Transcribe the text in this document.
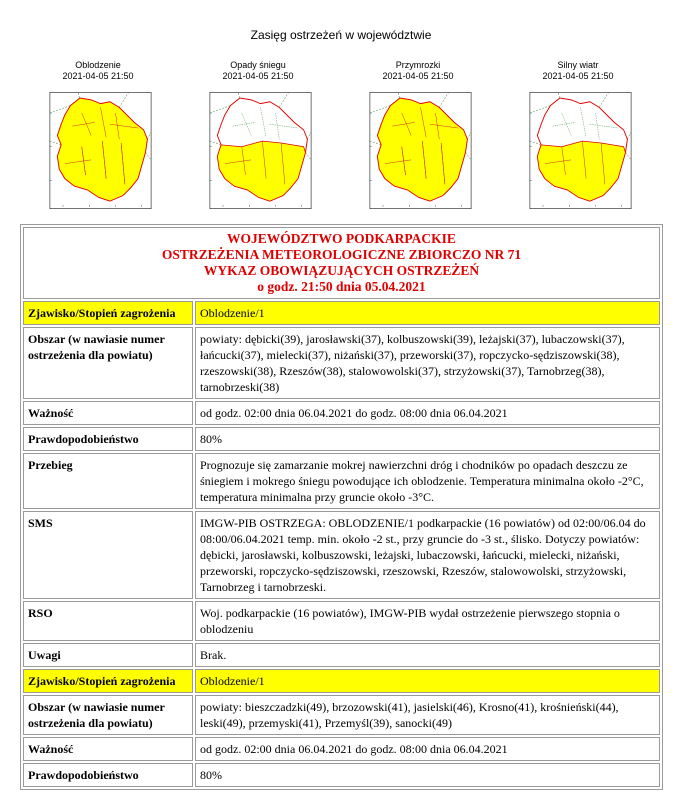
Zasięg ostrzeżeń w województwie
Oblodzenie
2021-04-05 21:50
Opady śniegu
2021-04-05 21:50
Przymrozki
2021-04-05 21:50
Silny wiatr
2021-04-05 21:50
WOJEWÓDZTWO PODKARPACKIE
OSTRZEŻENIA METEOROLOGICZNE ZBIORCZO NR 71
WYKAZ OBOWIĄZUJĄCYCH OSTRZEŻEŃ
o godz. 21:50 dnia 05.04.2021	

Zjawisko/Stopień zagrożenia	Oblodzenie/1
Obszar (w nawiasie numer ostrzeżenia dla powiatu)	powiaty: dębicki(39), jarosławski(37), kolbuszowski(39), leżajski(37), lubaczowski(37), łańcucki(37), mielecki(37), niżański(37), przeworski(37), ropczycko-sędziszowski(38), rzeszowski(38), Rzeszów(38), stalowowolski(37), strzyżowski(37), Tarnobrzeg(38), tarnobrzeski(38)
Ważność	od godz. 02:00 dnia 06.04.2021 do godz. 08:00 dnia 06.04.2021
Prawdopodobieństwo	80%
Przebieg	Prognozuje się zamarzanie mokrej nawierzchni dróg i chodników po opadach deszczu ze śniegiem i mokrego śniegu powodujące ich oblodzenie. Temperatura minimalna około -2°C, temperatura minimalna przy gruncie około -3°C.
SMS	IMGW-PIB OSTRZEGA: OBLODZENIE/1 podkarpackie (16 powiatów) od 02:00/06.04 do 08:00/06.04.2021 temp. min. około -2 st., przy gruncie do -3 st., ślisko. Dotyczy powiatów: dębicki, jarosławski, kolbuszowski, leżajski, lubaczowski, łańcucki, mielecki, niżański, przeworski, ropczycko-sędziszowski, rzeszowski, Rzeszów, stalowowolski, strzyżowski, Tarnobrzeg i tarnobrzeski.
RSO	Woj. podkarpackie (16 powiatów), IMGW-PIB wydał ostrzeżenie pierwszego stopnia o oblodzeniu
Uwagi	Brak.
Zjawisko/Stopień zagrożenia	Oblodzenie/1
Obszar (w nawiasie numer ostrzeżenia dla powiatu)	powiaty: bieszczadzki(49), brzozowski(41), jasielski(46), Krosno(41), krośnieński(44), leski(49), przemyski(41), Przemyśl(39), sanocki(49)
Ważność	od godz. 02:00 dnia 06.04.2021 do godz. 08:00 dnia 06.04.2021
Prawdopodobieństwo	80%
